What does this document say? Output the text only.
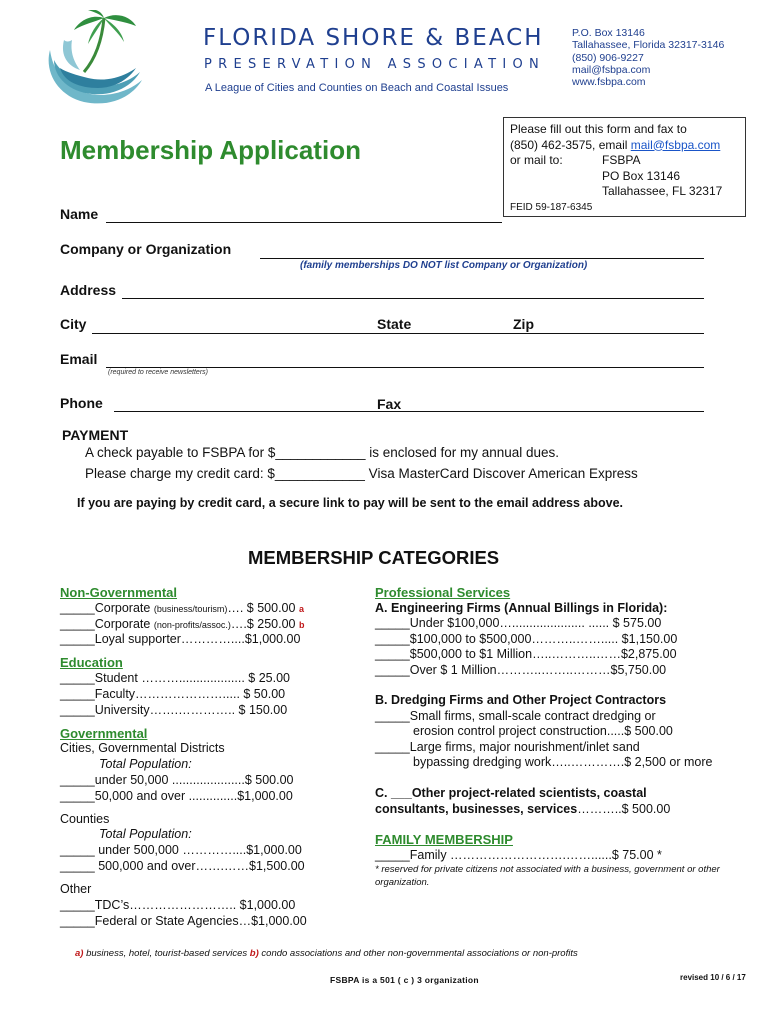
FLORIDA SHORE & BEACH
PRESERVATION ASSOCIATION
A League of Cities and Counties on Beach and Coastal Issues
P.O. Box 13146
Tallahassee, Florida 32317-3146
(850) 906-9227
mail@fsbpa.com
www.fsbpa.com
Membership Application
Please fill out this form and fax to
(850) 462-3575, email mail@fsbpa.com
or mail to:	FSBPA
PO Box 13146
Tallahassee, FL 32317
FEID 59-187-6345
Name
Company or Organization
(family memberships DO NOT list Company or Organization)
Address
City	State	Zip
Email
(required to receive newsletters)
Phone	Fax
PAYMENT
A check payable to FSBPA for $____________ is enclosed for my annual dues.
Please charge my credit card: $____________ Visa MasterCard Discover American Express
If you are paying by credit card, a secure link to pay will be sent to the email address above.
MEMBERSHIP CATEGORIES
Non-Governmental
_____Corporate (business/tourism)…. $ 500.00 a
_____Corporate (non-profits/assoc.)….$ 250.00 b
_____Loyal supporter…………....$1,000.00
Education
_____Student ………................... $ 25.00
_____Faculty…………………..... $ 50.00
_____University…….………….. $ 150.00
Governmental
Cities, Governmental Districts
Total Population:
_____under 50,000 .....................$ 500.00
_____50,000 and over ..............$1,000.00
Counties
Total Population:
_____ under 500,000 …………....$1,000.00
_____ 500,000 and over…….……$1,500.00
Other
_____TDC’s…………………….. $1,000.00
_____Federal or State Agencies…$1,000.00
Professional Services
A. Engineering Firms (Annual Billings in Florida):
_____Under $100,000…..................... ...... $ 575.00
_____$100,000 to $500,000………..……..... $1,150.00
_____$500,000 to $1 Million…..………..……$2,875.00
_____Over $ 1 Million………..……..………$5,750.00
B. Dredging Firms and Other Project Contractors
_____Small firms, small-scale contract dredging or
erosion control project construction.....$ 500.00
_____Large firms, major nourishment/inlet sand
bypassing dredging work…..………….$ 2,500 or more
C. ___Other project-related scientists, coastal
consultants, businesses, services………..$ 500.00
FAMILY MEMBERSHIP
_____Family ……………………….……......$ 75.00 *
* reserved for private citizens not associated with a business, government or other organization.
a) business, hotel, tourist-based services b) condo associations and other non-governmental associations or non-profits
FSBPA is a 501 ( c ) 3 organization	revised 10 / 6 / 17
